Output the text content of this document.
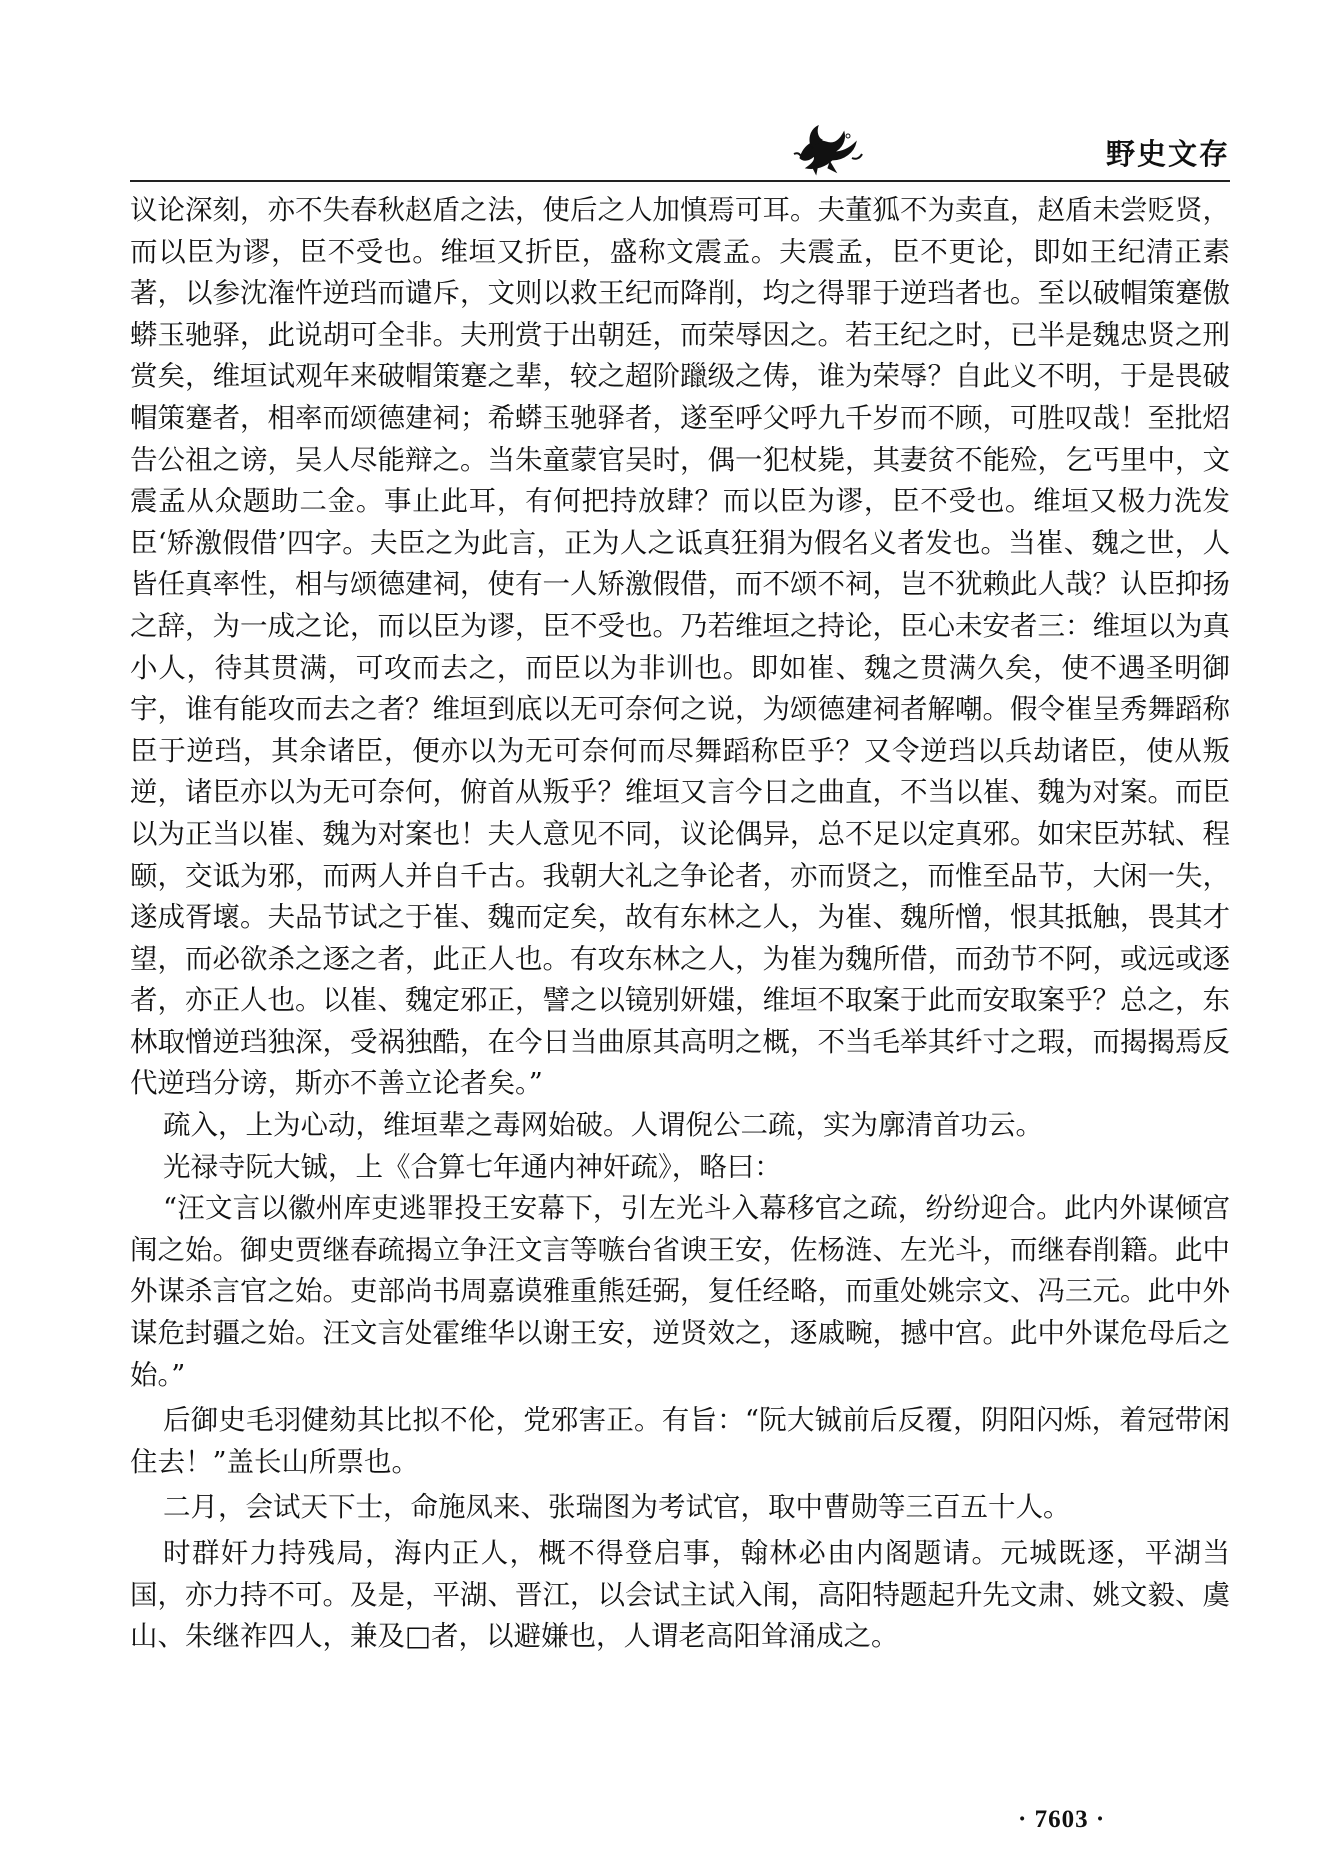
野史文存

议论深刻，亦不失春秋赵盾之法，使后之人加慎焉可耳。夫董狐不为卖直，赵盾未尝贬贤，而以臣为谬，臣不受也。维垣又折臣，盛称文震孟。夫震孟，臣不更论，即如王纪清正素著，以参沈潅忤逆珰而谴斥，文则以救王纪而降削，均之得罪于逆珰者也。至以破帽策蹇傲蟒玉驰驿，此说胡可全非。夫刑赏于出朝廷，而荣辱因之。若王纪之时，已半是魏忠贤之刑赏矣，维垣试观年来破帽策蹇之辈，较之超阶躐级之俦，谁为荣辱？自此义不明，于是畏破帽策蹇者，相率而颂德建祠；希蟒玉驰驿者，遂至呼父呼九千岁而不顾，可胜叹哉！至批炤告公祖之谤，吴人尽能辩之。当朱童蒙官吴时，偶一犯杖毙，其妻贫不能殓，乞丐里中，文震孟从众题助二金。事止此耳，有何把持放肆？而以臣为谬，臣不受也。维垣又极力洗发臣‘矫激假借’四字。夫臣之为此言，正为人之诋真狂狷为假名义者发也。当崔、魏之世，人皆任真率性，相与颂德建祠，使有一人矫激假借，而不颂不祠，岂不犹赖此人哉？认臣抑扬之辞，为一成之论，而以臣为谬，臣不受也。乃若维垣之持论，臣心未安者三：维垣以为真小人，待其贯满，可攻而去之，而臣以为非训也。即如崔、魏之贯满久矣，使不遇圣明御宇，谁有能攻而去之者？维垣到底以无可奈何之说，为颂德建祠者解嘲。假令崔呈秀舞蹈称臣于逆珰，其余诸臣，便亦以为无可奈何而尽舞蹈称臣乎？又令逆珰以兵劫诸臣，使从叛逆，诸臣亦以为无可奈何，俯首从叛乎？维垣又言今日之曲直，不当以崔、魏为对案。而臣以为正当以崔、魏为对案也！夫人意见不同，议论偶异，总不足以定真邪。如宋臣苏轼、程颐，交诋为邪，而两人并自千古。我朝大礼之争论者，亦而贤之，而惟至品节，大闲一失，遂成胥壞。夫品节试之于崔、魏而定矣，故有东林之人，为崔、魏所憎，恨其抵触，畏其才望，而必欲杀之逐之者，此正人也。有攻东林之人，为崔为魏所借，而劲节不阿，或远或逐者，亦正人也。以崔、魏定邪正，譬之以镜别妍媸，维垣不取案于此而安取案乎？总之，东林取憎逆珰独深，受祸独酷，在今日当曲原其高明之概，不当毛举其纤寸之瑕，而揭揭焉反代逆珰分谤，斯亦不善立论者矣。”

疏入，上为心动，维垣辈之毒网始破。人谓倪公二疏，实为廓清首功云。

光禄寺阮大铖，上《合算七年通内神奸疏》，略曰：

“汪文言以徽州库吏逃罪投王安幕下，引左光斗入幕移官之疏，纷纷迎合。此内外谋倾宫闱之始。御史贾继春疏揭立争汪文言等嗾台省谀王安，佐杨涟、左光斗，而继春削籍。此中外谋杀言官之始。吏部尚书周嘉谟雅重熊廷弼，复任经略，而重处姚宗文、冯三元。此中外谋危封疆之始。汪文言处霍维华以谢王安，逆贤效之，逐戚畹，撼中宫。此中外谋危母后之始。”

后御史毛羽健劾其比拟不伦，党邪害正。有旨：“阮大铖前后反覆，阴阳闪烁，着冠带闲住去！”盖长山所票也。

二月，会试天下士，命施凤来、张瑞图为考试官，取中曹勋等三百五十人。

时群奸力持残局，海内正人，概不得登启事，翰林必由内阁题请。元城既逐，平湖当国，亦力持不可。及是，平湖、晋江，以会试主试入闱，高阳特题起升先文肃、姚文毅、虞山、朱继祚四人，兼及□者，以避嫌也，人谓老高阳耸涌成之。

· 7603 ·
